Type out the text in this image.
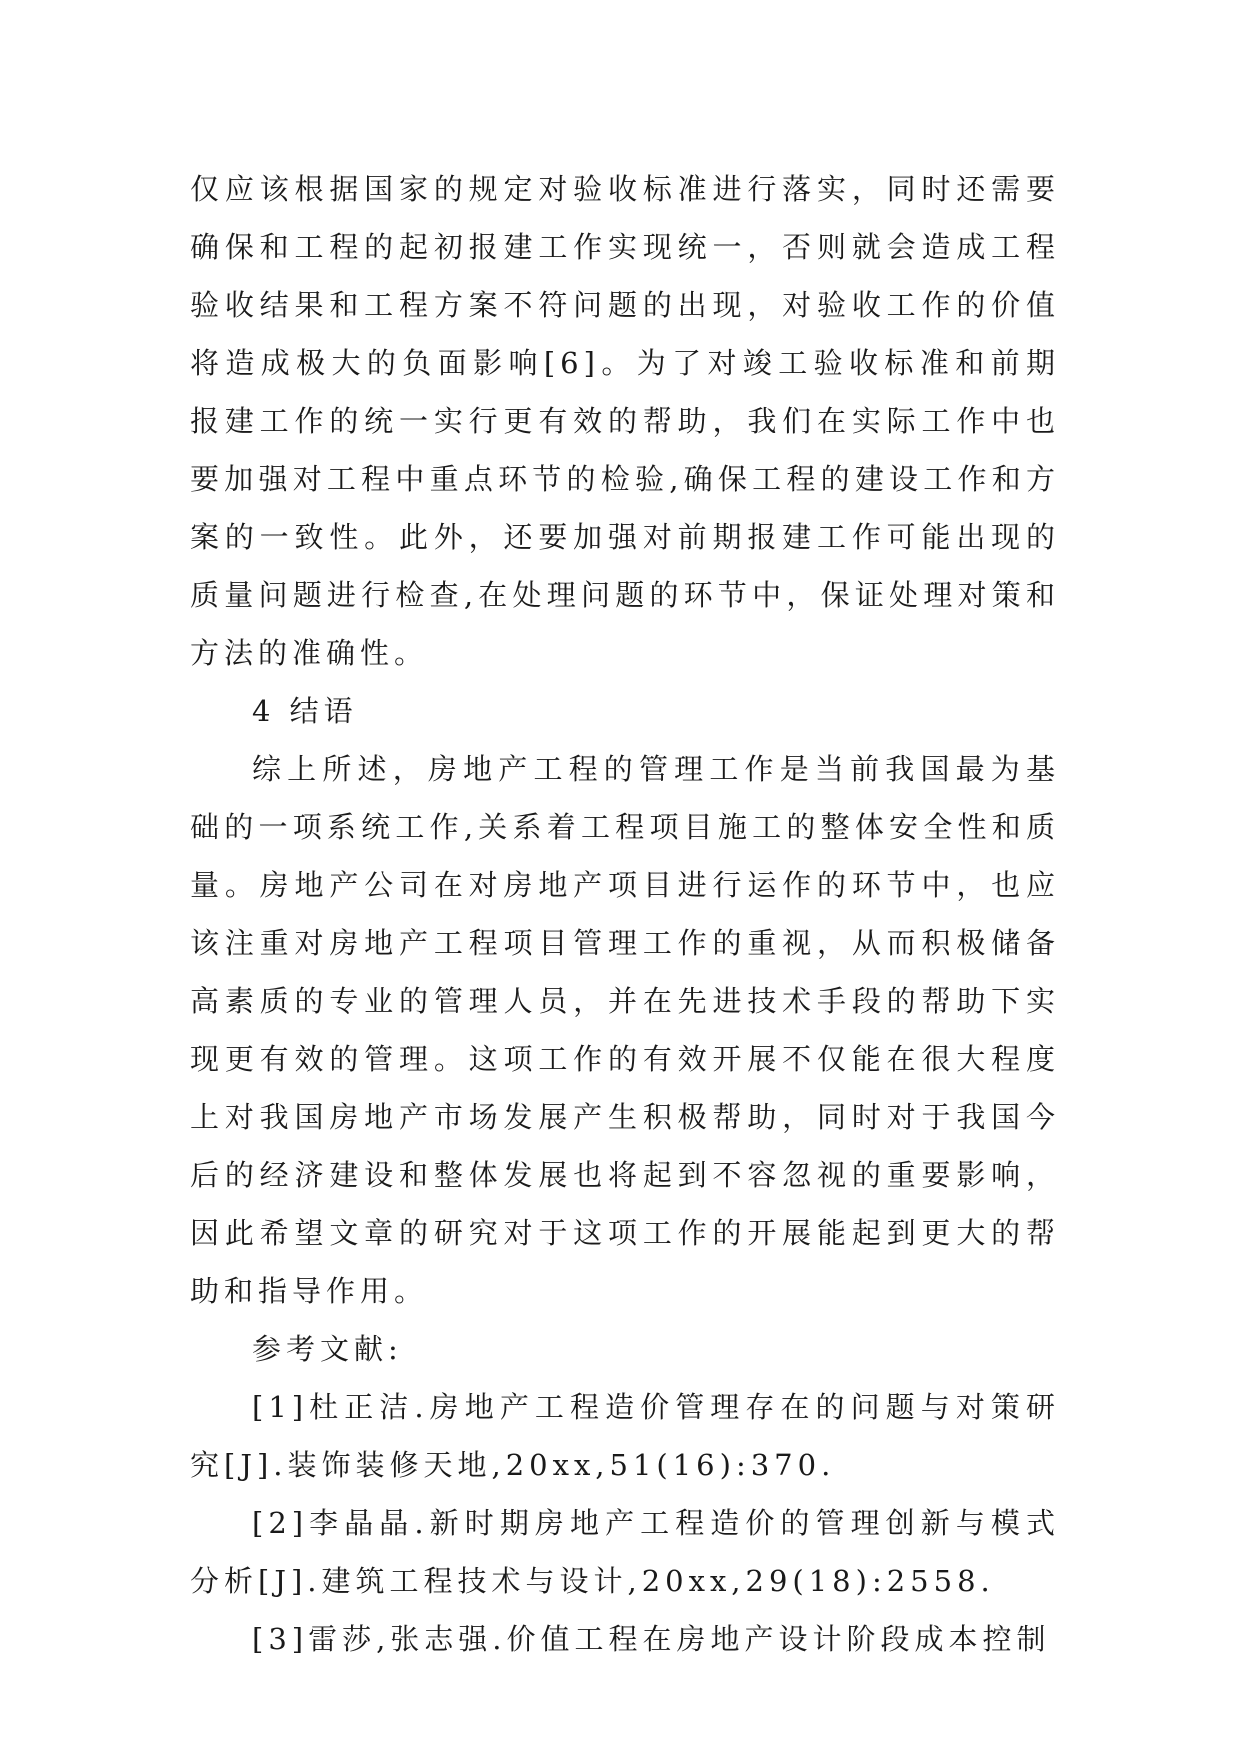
仅应该根据国家的规定对验收标准进行落实，同时还需要确保和工程的起初报建工作实现统一，否则就会造成工程验收结果和工程方案不符问题的出现，对验收工作的价值将造成极大的负面影响[6]。为了对竣工验收标准和前期报建工作的统一实行更有效的帮助，我们在实际工作中也要加强对工程中重点环节的检验,确保工程的建设工作和方案的一致性。此外，还要加强对前期报建工作可能出现的质量问题进行检查,在处理问题的环节中，保证处理对策和方法的准确性。

4 结语

综上所述，房地产工程的管理工作是当前我国最为基础的一项系统工作,关系着工程项目施工的整体安全性和质量。房地产公司在对房地产项目进行运作的环节中，也应该注重对房地产工程项目管理工作的重视，从而积极储备高素质的专业的管理人员，并在先进技术手段的帮助下实现更有效的管理。这项工作的有效开展不仅能在很大程度上对我国房地产市场发展产生积极帮助，同时对于我国今后的经济建设和整体发展也将起到不容忽视的重要影响，因此希望文章的研究对于这项工作的开展能起到更大的帮助和指导作用。

参考文献:

[1]杜正洁.房地产工程造价管理存在的问题与对策研究[J].装饰装修天地,20xx,51(16):370.

[2]李晶晶.新时期房地产工程造价的管理创新与模式分析[J].建筑工程技术与设计,20xx,29(18):2558.

[3]雷莎,张志强.价值工程在房地产设计阶段成本控制
